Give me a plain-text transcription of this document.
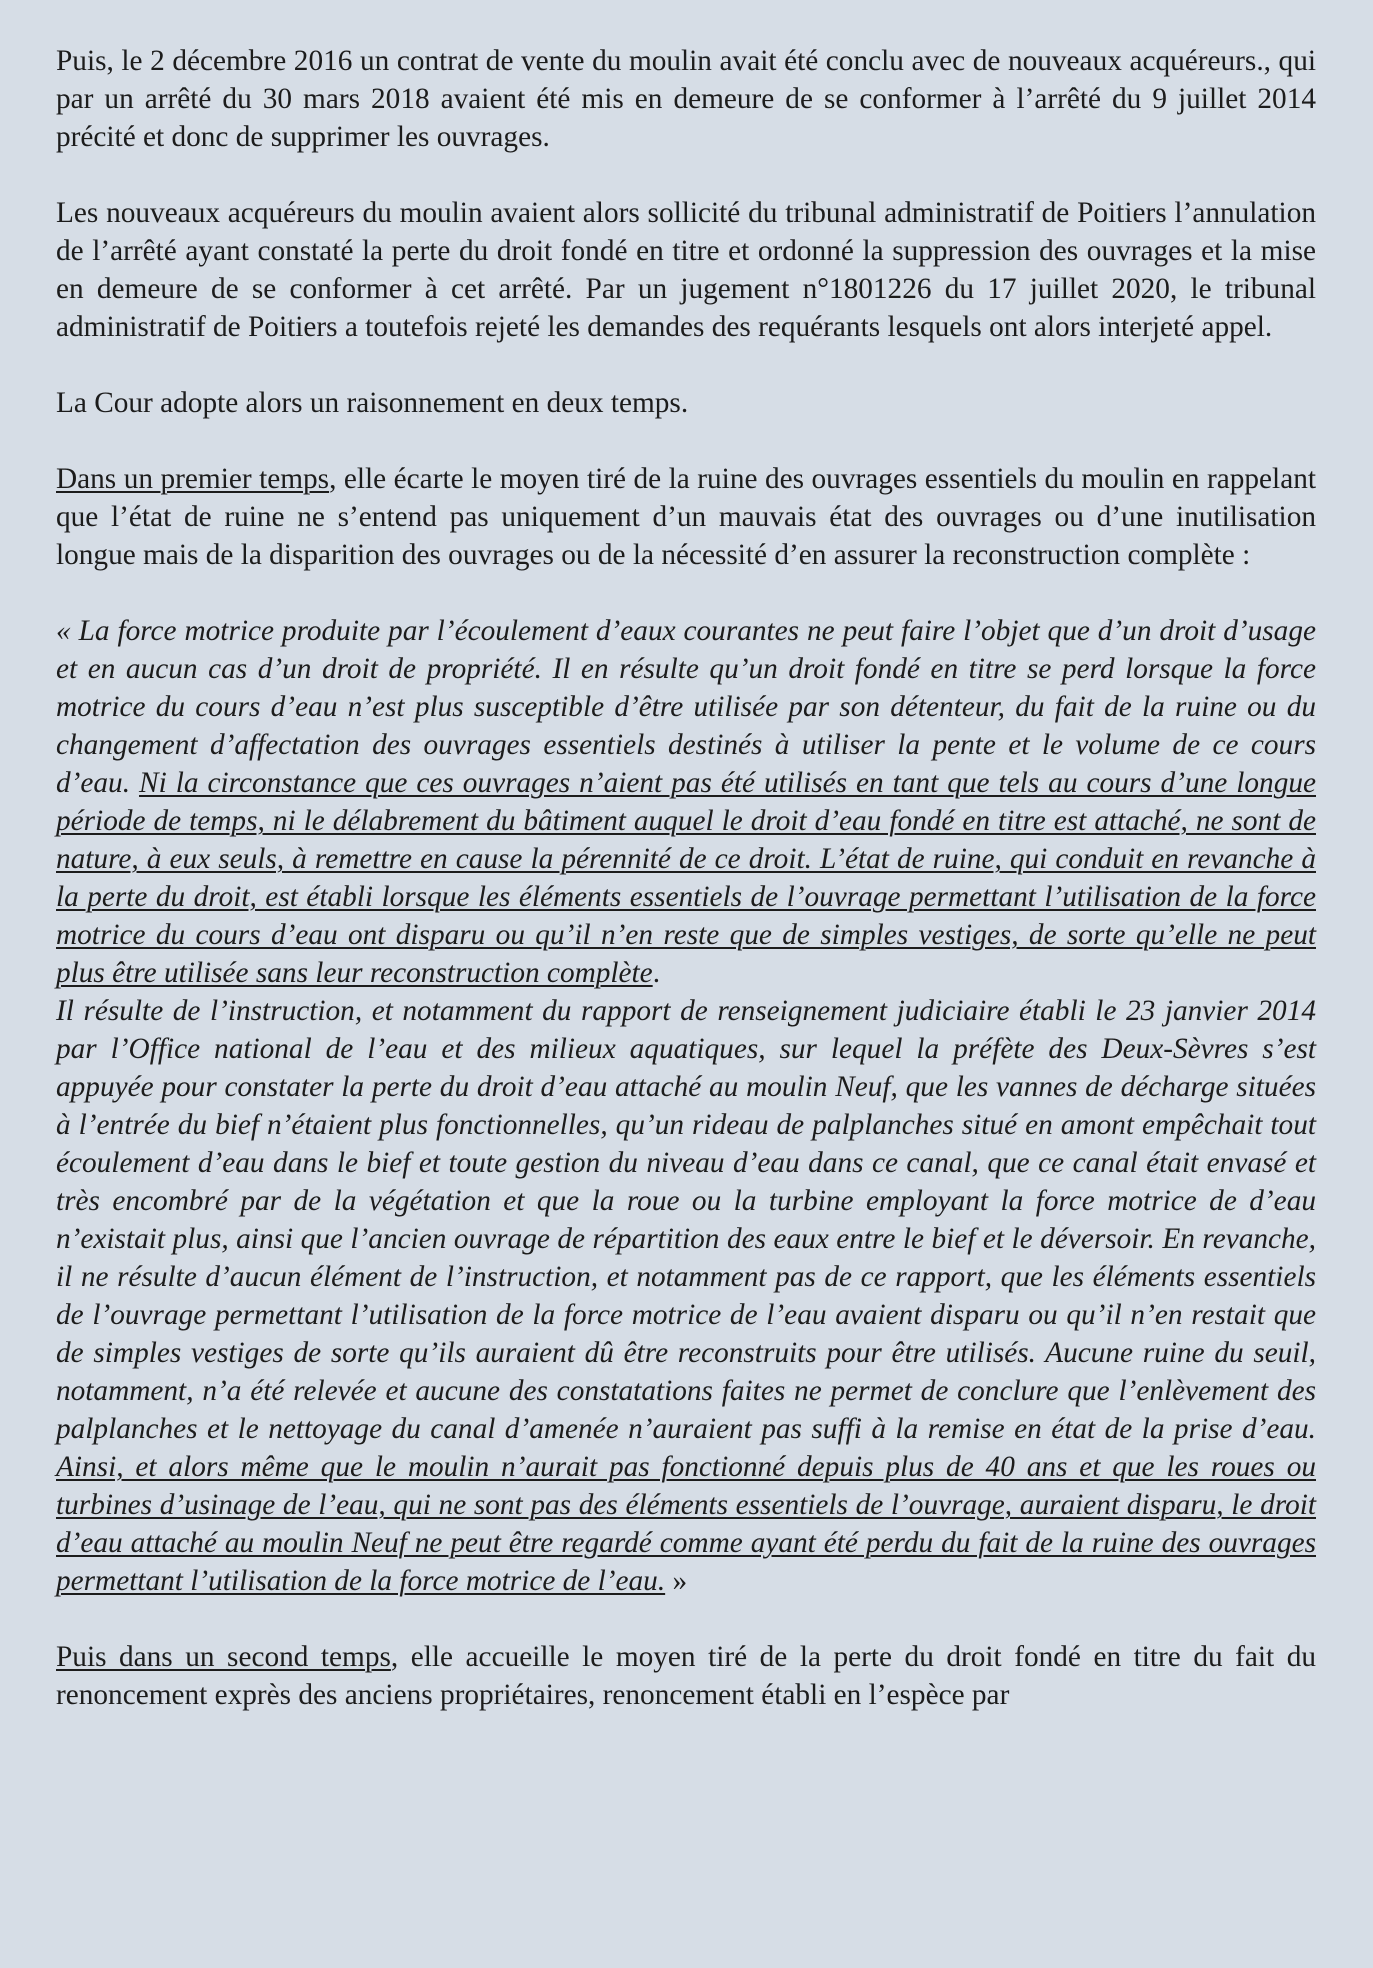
Puis, le 2 décembre 2016 un contrat de vente du moulin avait été conclu avec de nouveaux acquéreurs., qui par un arrêté du 30 mars 2018 avaient été mis en demeure de se conformer à l’arrêté du 9 juillet 2014 précité et donc de supprimer les ouvrages.

Les nouveaux acquéreurs du moulin avaient alors sollicité du tribunal administratif de Poitiers l’annulation de l’arrêté ayant constaté la perte du droit fondé en titre et ordonné la suppression des ouvrages et la mise en demeure de se conformer à cet arrêté. Par un jugement n°1801226 du 17 juillet 2020, le tribunal administratif de Poitiers a toutefois rejeté les demandes des requérants lesquels ont alors interjeté appel.

La Cour adopte alors un raisonnement en deux temps.

Dans un premier temps, elle écarte le moyen tiré de la ruine des ouvrages essentiels du moulin en rappelant que l’état de ruine ne s’entend pas uniquement d’un mauvais état des ouvrages ou d’une inutilisation longue mais de la disparition des ouvrages ou de la nécessité d’en assurer la reconstruction complète :

« La force motrice produite par l’écoulement d’eaux courantes ne peut faire l’objet que d’un droit d’usage et en aucun cas d’un droit de propriété. Il en résulte qu’un droit fondé en titre se perd lorsque la force motrice du cours d’eau n’est plus susceptible d’être utilisée par son détenteur, du fait de la ruine ou du changement d’affectation des ouvrages essentiels destinés à utiliser la pente et le volume de ce cours d’eau. Ni la circonstance que ces ouvrages n’aient pas été utilisés en tant que tels au cours d’une longue période de temps, ni le délabrement du bâtiment auquel le droit d’eau fondé en titre est attaché, ne sont de nature, à eux seuls, à remettre en cause la pérennité de ce droit. L’état de ruine, qui conduit en revanche à la perte du droit, est établi lorsque les éléments essentiels de l’ouvrage permettant l’utilisation de la force motrice du cours d’eau ont disparu ou qu’il n’en reste que de simples vestiges, de sorte qu’elle ne peut plus être utilisée sans leur reconstruction complète.

Il résulte de l’instruction, et notamment du rapport de renseignement judiciaire établi le 23 janvier 2014 par l’Office national de l’eau et des milieux aquatiques, sur lequel la préfète des Deux-Sèvres s’est appuyée pour constater la perte du droit d’eau attaché au moulin Neuf, que les vannes de décharge situées à l’entrée du bief n’étaient plus fonctionnelles, qu’un rideau de palplanches situé en amont empêchait tout écoulement d’eau dans le bief et toute gestion du niveau d’eau dans ce canal, que ce canal était envasé et très encombré par de la végétation et que la roue ou la turbine employant la force motrice de d’eau n’existait plus, ainsi que l’ancien ouvrage de répartition des eaux entre le bief et le déversoir. En revanche, il ne résulte d’aucun élément de l’instruction, et notamment pas de ce rapport, que les éléments essentiels de l’ouvrage permettant l’utilisation de la force motrice de l’eau avaient disparu ou qu’il n’en restait que de simples vestiges de sorte qu’ils auraient dû être reconstruits pour être utilisés. Aucune ruine du seuil, notamment, n’a été relevée et aucune des constatations faites ne permet de conclure que l’enlèvement des palplanches et le nettoyage du canal d’amenée n’auraient pas suffi à la remise en état de la prise d’eau. Ainsi, et alors même que le moulin n’aurait pas fonctionné depuis plus de 40 ans et que les roues ou turbines d’usinage de l’eau, qui ne sont pas des éléments essentiels de l’ouvrage, auraient disparu, le droit d’eau attaché au moulin Neuf ne peut être regardé comme ayant été perdu du fait de la ruine des ouvrages permettant l’utilisation de la force motrice de l’eau. »

Puis dans un second temps, elle accueille le moyen tiré de la perte du droit fondé en titre du fait du renoncement exprès des anciens propriétaires, renoncement établi en l’espèce par
